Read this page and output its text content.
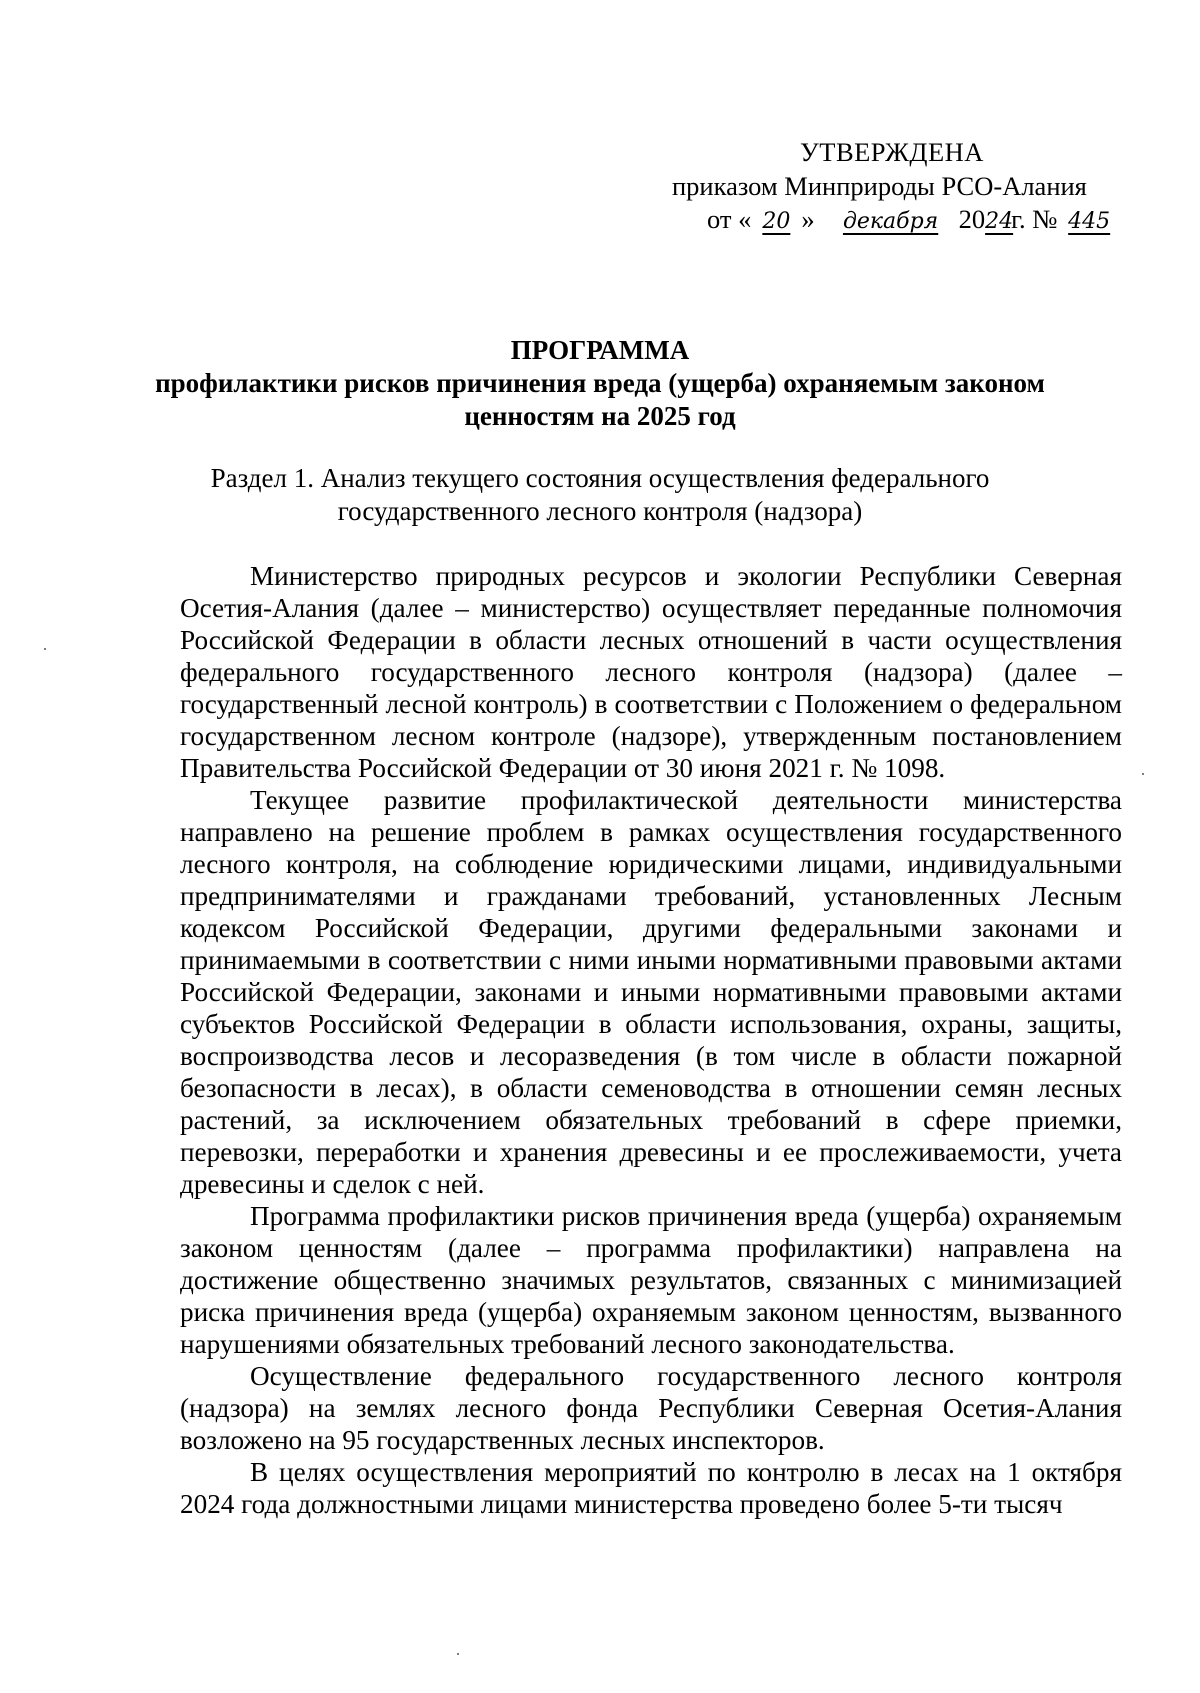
УТВЕРЖДЕНА
приказом Минприроды РСО-Алания
от « 20 » декабря 2024г. № 445
ПРОГРАММА
профилактики рисков причинения вреда (ущерба) охраняемым законом
ценностям на 2025 год
Раздел 1. Анализ текущего состояния осуществления федерального
государственного лесного контроля (надзора)

Министерство природных ресурсов и экологии Республики Северная Осетия-Алания (далее – министерство) осуществляет переданные полномочия Российской Федерации в области лесных отношений в части осуществления федерального государственного лесного контроля (надзора) (далее – государственный лесной контроль) в соответствии с Положением о федеральном государственном лесном контроле (надзоре), утвержденным постановлением Правительства Российской Федерации от 30 июня 2021 г. № 1098.

Текущее развитие профилактической деятельности министерства направлено на решение проблем в рамках осуществления государственного лесного контроля, на соблюдение юридическими лицами, индивидуальными предпринимателями и гражданами требований, установленных Лесным кодексом Российской Федерации, другими федеральными законами и принимаемыми в соответствии с ними иными нормативными правовыми актами Российской Федерации, законами и иными нормативными правовыми актами субъектов Российской Федерации в области использования, охраны, защиты, воспроизводства лесов и лесоразведения (в том числе в области пожарной безопасности в лесах), в области семеноводства в отношении семян лесных растений, за исключением обязательных требований в сфере приемки, перевозки, переработки и хранения древесины и ее прослеживаемости, учета древесины и сделок с ней.

Программа профилактики рисков причинения вреда (ущерба) охраняемым законом ценностям (далее – программа профилактики) направлена на достижение общественно значимых результатов, связанных с минимизацией риска причинения вреда (ущерба) охраняемым законом ценностям, вызванного нарушениями обязательных требований лесного законодательства.

Осуществление федерального государственного лесного контроля (надзора) на землях лесного фонда Республики Северная Осетия-Алания возложено на 95 государственных лесных инспекторов.

В целях осуществления мероприятий по контролю в лесах на 1 октября 2024 года должностными лицами министерства проведено более 5-ти тысяч
